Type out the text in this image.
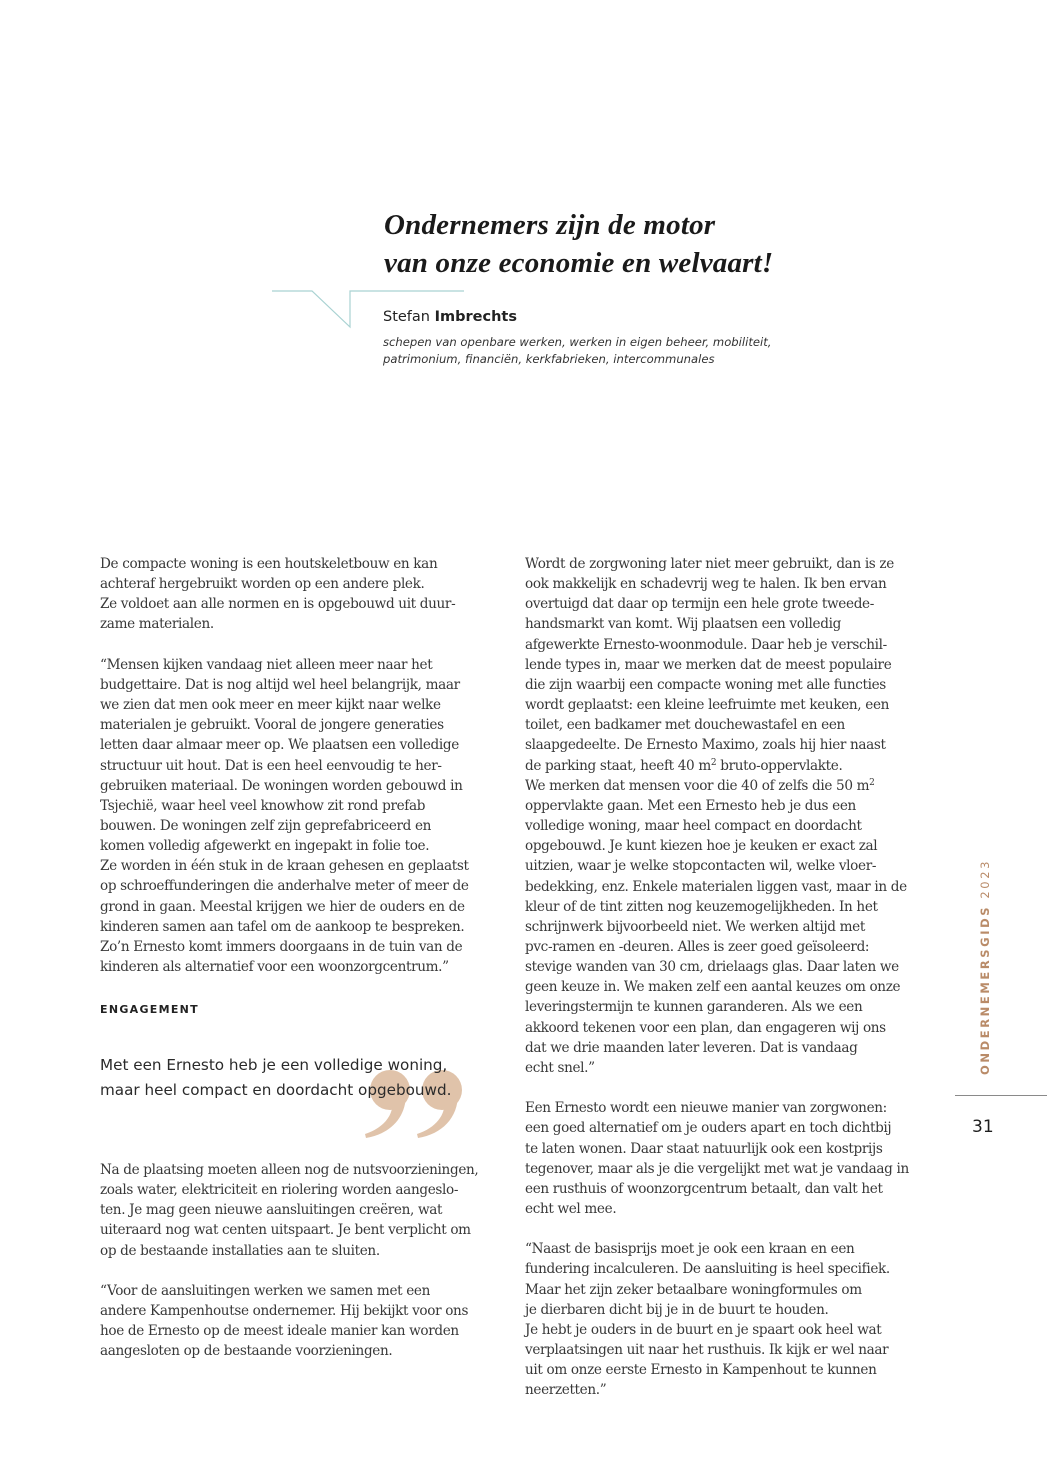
Ondernemers zijn de motor
van onze economie en welvaart!
Stefan Imbrechts
schepen van openbare werken, werken in eigen beheer, mobiliteit,
patrimonium, financiën, kerkfabrieken, intercommunales

De compacte woning is een houtskeletbouw en kan
achteraf hergebruikt worden op een andere plek.
Ze voldoet aan alle normen en is opgebouwd uit duur-
zame materialen.

“Mensen kijken vandaag niet alleen meer naar het
budgettaire. Dat is nog altijd wel heel belangrijk, maar
we zien dat men ook meer en meer kijkt naar welke
materialen je gebruikt. Vooral de jongere generaties
letten daar almaar meer op. We plaatsen een volledige
structuur uit hout. Dat is een heel eenvoudig te her-
gebruiken materiaal. De woningen worden gebouwd in
Tsjechië, waar heel veel knowhow zit rond prefab
bouwen. De woningen zelf zijn geprefabriceerd en
komen volledig afgewerkt en ingepakt in folie toe.
Ze worden in één stuk in de kraan gehesen en geplaatst
op schroeffunderingen die anderhalve meter of meer de
grond in gaan. Meestal krijgen we hier de ouders en de
kinderen samen aan tafel om de aankoop te bespreken.
Zo’n Ernesto komt immers doorgaans in de tuin van de
kinderen als alternatief voor een woonzorgcentrum.”

ENGAGEMENT
Met een Ernesto heb je een volledige woning,
maar heel compact en doordacht opgebouwd.

Na de plaatsing moeten alleen nog de nutsvoorzieningen,
zoals water, elektriciteit en riolering worden aangeslo-
ten. Je mag geen nieuwe aansluitingen creëren, wat
uiteraard nog wat centen uitspaart. Je bent verplicht om
op de bestaande installaties aan te sluiten.

“Voor de aansluitingen werken we samen met een
andere Kampenhoutse ondernemer. Hij bekijkt voor ons
hoe de Ernesto op de meest ideale manier kan worden
aangesloten op de bestaande voorzieningen.

Wordt de zorgwoning later niet meer gebruikt, dan is ze
ook makkelijk en schadevrij weg te halen. Ik ben ervan
overtuigd dat daar op termijn een hele grote tweede-
handsmarkt van komt. Wij plaatsen een volledig
afgewerkte Ernesto-woonmodule. Daar heb je verschil-
lende types in, maar we merken dat de meest populaire
die zijn waarbij een compacte woning met alle functies
wordt geplaatst: een kleine leefruimte met keuken, een
toilet, een badkamer met douchewastafel en een
slaapgedeelte. De Ernesto Maximo, zoals hij hier naast
de parking staat, heeft 40 $m^2$ bruto-oppervlakte.
We merken dat mensen voor die 40 of zelfs die 50 $m^2$
oppervlakte gaan. Met een Ernesto heb je dus een
volledige woning, maar heel compact en doordacht
opgebouwd. Je kunt kiezen hoe je keuken er exact zal
uitzien, waar je welke stopcontacten wil, welke vloer-
bedekking, enz. Enkele materialen liggen vast, maar in de
kleur of de tint zitten nog keuzemogelijkheden. In het
schrijnwerk bijvoorbeeld niet. We werken altijd met
pvc-ramen en -deuren. Alles is zeer goed geïsoleerd:
stevige wanden van 30 cm, drielaags glas. Daar laten we
geen keuze in. We maken zelf een aantal keuzes om onze
leveringstermijn te kunnen garanderen. Als we een
akkoord tekenen voor een plan, dan engageren wij ons
dat we drie maanden later leveren. Dat is vandaag
echt snel.”

Een Ernesto wordt een nieuwe manier van zorgwonen:
een goed alternatief om je ouders apart en toch dichtbij
te laten wonen. Daar staat natuurlijk ook een kostprijs
tegenover, maar als je die vergelijkt met wat je vandaag in
een rusthuis of woonzorgcentrum betaalt, dan valt het
echt wel mee.

“Naast de basisprijs moet je ook een kraan en een
fundering incalculeren. De aansluiting is heel specifiek.
Maar het zijn zeker betaalbare woningformules om
je dierbaren dicht bij je in de buurt te houden.
Je hebt je ouders in de buurt en je spaart ook heel wat
verplaatsingen uit naar het rusthuis. Ik kijk er wel naar
uit om onze eerste Ernesto in Kampenhout te kunnen
neerzetten.”

ONDERNEMERSGIDS 2023
31
